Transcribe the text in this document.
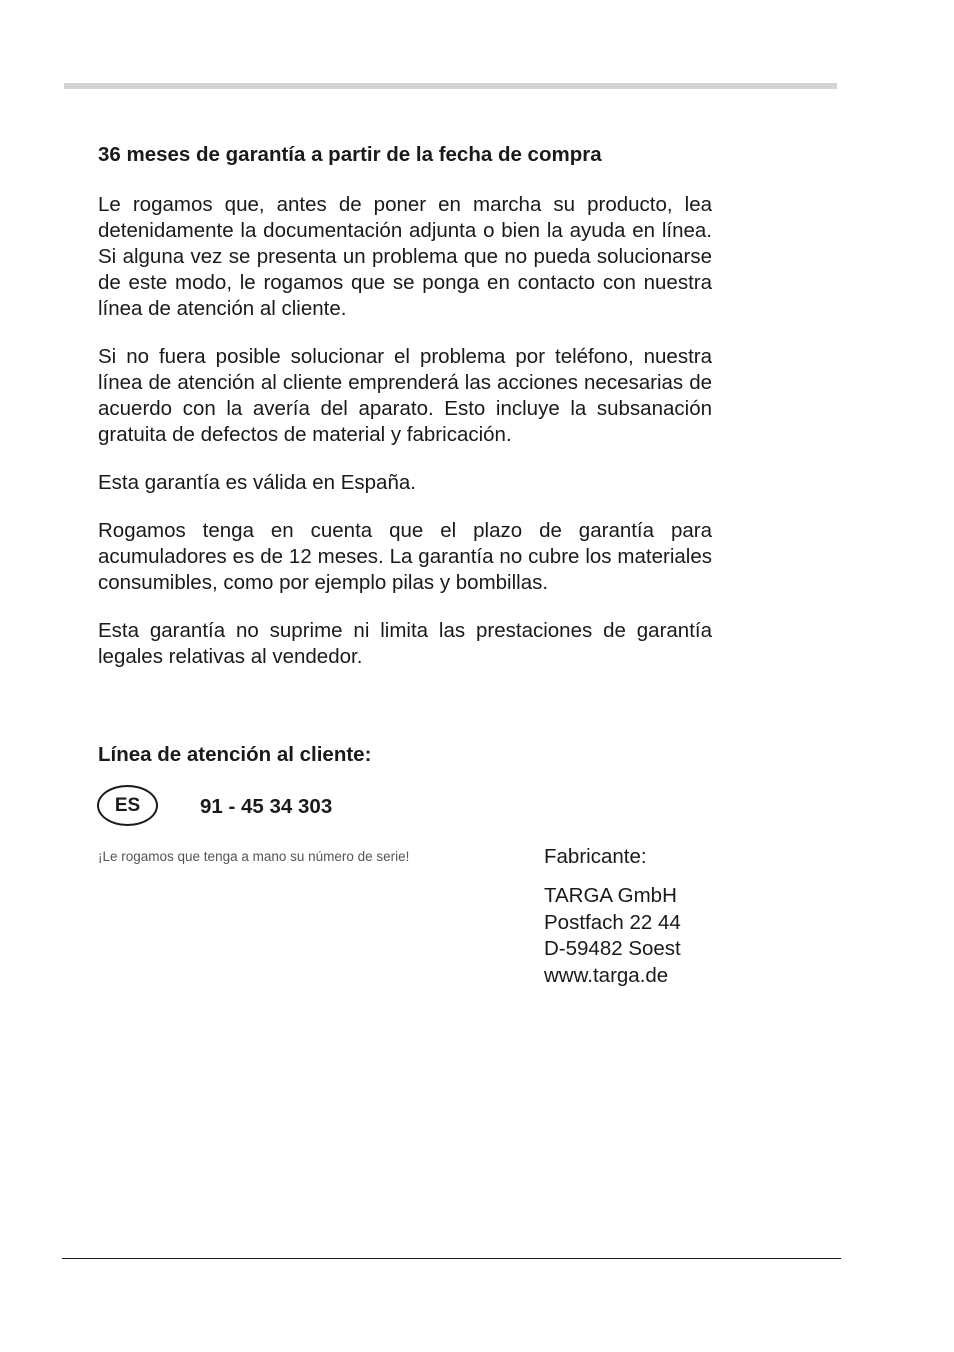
36 meses de garantía a partir de la fecha de compra

Le rogamos que, antes de poner en marcha su producto, lea detenidamente la documentación adjunta o bien la ayuda en línea. Si alguna vez se presenta un problema que no pueda solucionarse de este modo, le rogamos que se ponga en contacto con nuestra línea de atención al cliente.

Si no fuera posible solucionar el problema por teléfono, nuestra línea de atención al cliente emprenderá las acciones necesarias de acuerdo con la avería del aparato. Esto incluye la subsanación gratuita de defectos de material y fabricación.

Esta garantía es válida en España.

Rogamos tenga en cuenta que el plazo de garantía para acumuladores es de 12 meses. La garantía no cubre los materiales consumibles, como por ejemplo pilas y bombillas.

Esta garantía no suprime ni limita las prestaciones de garantía legales relativas al vendedor.

Línea de atención al cliente:
ES	91 - 45 34 303
¡Le rogamos que tenga a mano su número de serie!	Fabricante:
TARGA GmbH
Postfach 22 44
D-59482 Soest
www.targa.de
